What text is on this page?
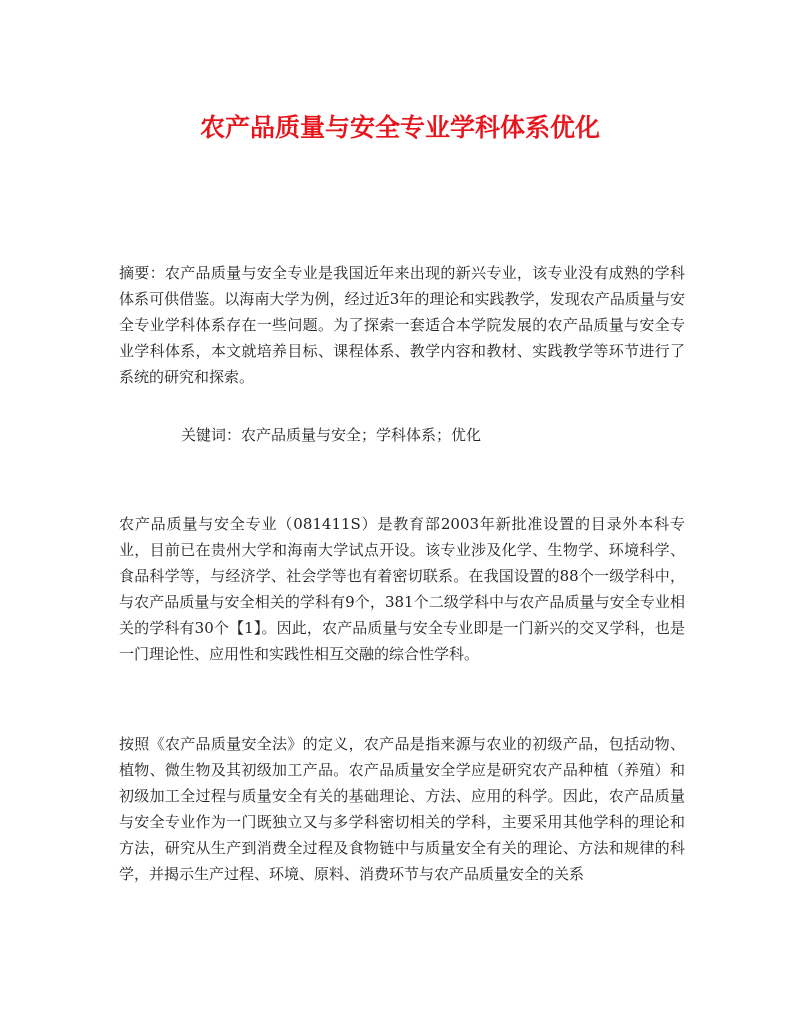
农产品质量与安全专业学科体系优化

摘要：农产品质量与安全专业是我国近年来出现的新兴专业，该专业没有成熟的学科体系可供借鉴。以海南大学为例，经过近3年的理论和实践教学，发现农产品质量与安全专业学科体系存在一些问题。为了探索一套适合本学院发展的农产品质量与安全专业学科体系，本文就培养目标、课程体系、教学内容和教材、实践教学等环节进行了系统的研究和探索。

关键词：农产品质量与安全；学科体系；优化

农产品质量与安全专业（081411S）是教育部2003年新批准设置的目录外本科专业，目前已在贵州大学和海南大学试点开设。该专业涉及化学、生物学、环境科学、食品科学等，与经济学、社会学等也有着密切联系。在我国设置的88个一级学科中，与农产品质量与安全相关的学科有9个，381个二级学科中与农产品质量与安全专业相关的学科有30个【1】。因此，农产品质量与安全专业即是一门新兴的交叉学科，也是一门理论性、应用性和实践性相互交融的综合性学科。

按照《农产品质量安全法》的定义，农产品是指来源与农业的初级产品，包括动物、植物、微生物及其初级加工产品。农产品质量安全学应是研究农产品种植（养殖）和初级加工全过程与质量安全有关的基础理论、方法、应用的科学。因此，农产品质量与安全专业作为一门既独立又与多学科密切相关的学科，主要采用其他学科的理论和方法，研究从生产到消费全过程及食物链中与质量安全有关的理论、方法和规律的科学，并揭示生产过程、环境、原料、消费环节与农产品质量安全的关系
